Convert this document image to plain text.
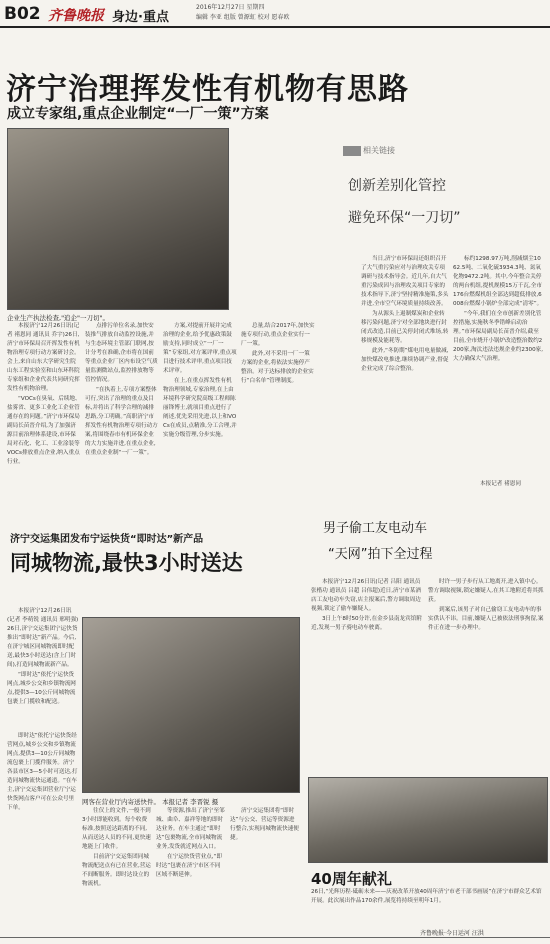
B02 齐鲁晚报 身边·重点
2016年12月27日 星期四
编辑 李亚 组版 曾源虹 校对 愿春欧
济宁治理挥发性有机物有思路
成立专家组,重点企业制定“一厂一策”方案
企业生产执法检查,"追企"一刀切"。

本报济宁12月26日讯(记者 褚恩同 通讯员 乔宇)26日,济宁市环保局召开挥发性有机物治理专项行动方案研讨会。会上,来自山东大学研究生院山东工程实验室和山东环科院专家组和企业代表共同研究挥发性有机物治理。

“VOCs在臭氧、后续地、盐雾省、更多工业化工企业管通存在的问题。”济宁市环保局副局长苗晋介绍,为了加强济源目前治理体系建设,市环保局对石化、化工、工业涂装等VOCs排放重点企业,纳入重点行业。

点排污单位名录,加快安装推气排放自动监控设施,并与生态环境主管部门联网,按计分考在准确,企市将在国前等重点企业厂区内布设空气质量监测微站点,监控排放物等管控情况。

“在执着上,专项方案整体可行,突出了治理的重点及目标,并将出了科学合理的减排思路,分工明确。”高职济宁市挥发性有机物治理专项行动方案,将围绕春市有机环保企业的大力实施并进,在重点企业,在重点企业制“一厂一策”。

方案,对提前开展并完成治理的企业,给予优惠政策鼓励支持,同时成立“一厂一策”专家组,对方案评审,重点项目进行技术评审,重点项目技术评审。

在上,在重点挥发性有机物治理领域,专家治理,在上由环境科学研究院高级工程师陈丽锋博士,就项目重点进行了阐述,优先采用先进,以上和VOCs在成员,点精准,分工合理,并实施分级管理,分步实施。

总量,结合2017年,加快实施专项行动,重点企业实行一厂一策。

此外,对不采用一厂一策方案的企业,将依法实施停产整治。对于达标排放的企业实行“白名单”管理制度。

相关链接
创新差别化管控
避免环保“一刀切”

当日,济宁市环保局还组织召开了大气重污染应对与治理攻关专项调研与技术指导会。近几年,自大气重污染成因与治理攻关项目专家的技术指导下,济宁坚持精准施策,多头并进,全市空气环境质量持续改善。

为从源头上遏制煤炭和企业转移污染问题,济宁对全部地块进行封闭式改造,目前已关停封闭式堆场,转移规模及能耗等。

此外,“冬防期”煤电用电量做减,加快煤改电推进,继续协调产业,督促企业完成了综合整治。

标约1298.97万吨,削减烟尘1062.5吨、二氧化硫3934.3吨、氮氧化物9472.2吨。其中,今年整合关停的两台机组,提机规模15万千瓦,全市176台燃煤机组全部达到超低排放,6008台燃煤小锅炉全部完成“清零”。

“今年,我们在全市创新差别化管控措施,实施秋冬季错峰启动治理。”市环保局副局长苗晋介绍,截至目前,全市烧开小锅炉改造整治数约2200家,淘汰违法违规企业约2300家,大力确保大气治理。

本报记者 褚恩同
济宁交运集团发布宁运快货“即时达”新产品
同城物流,最快3小时送达

本报济宁12月26日讯(记者 李萌锐 通讯员 邢明强)26日,济宁交运集团宁运快货推出“即时达”新产品。今后,在济宁城区同城物流即时配送,最快3小时送达(含上门时间),打造同城物流新产品。

“即时达”依托宁运快货网点,城乡公交和乡镇物流网点,提供3—10公斤同城物流包裹上门揽收和配送。

即时达”依托宁运快货经营网点,城乡公交和乡镇物流网点,提供3—10公斤同城物流包裹上门揽件服务。济宁各县市区3—5小时可送达,打造同城物流快运通道。“在车主,济宁交运集团营业厅宁运快货网点客户可在公众号里下单。

网客在营业厅内寄送快件。 本报记者 李晋锐 摄

往仅上的文件,一般不到3小时即能收到。每个收费标准,按照送达距离的不同,从而送达人员的不同,更快速地能上门收件。

目前济宁交运集团同城物流配送点有已在营业,营运不间断服务。即时达设立的物流机。

等资源,推出了济宁至邹城、曲阜、嘉祥等地的即时达业务。在车主通过“即时达”包裹物流,全市同城物流业务,发货就近网点入口。

在宁运快货营业点,“即时达”包裹在济宁市区不同区域不断延伸。

济宁交运集团将“即时达”与公交、营运等资源进行整合,实现同城物流快速便捷。

男子偷工友电动车
“天网”拍下全过程

本报济宁12月26日讯(记者 吕阳 通讯员 张楷功 通讯员 吕超 吕伟超)近日,济宁市某酒店工友电动车失窃,店主报案后,警方调取周边视频,锁定了偷车嫌疑人。

3日上午8时50分许,在金乡县南龙宾馆附近,发现一男子骑电动车驶离。

时许一男子步行从工地离开,进入镇中心。警方调取视频,锁定嫌疑人,在其工地附近将其抓获。

到案后,该男子对自己偷窃工友电动车的事实供认不讳。目前,嫌疑人已被依法刑事拘留,案件正在进一步办理中。

40周年献礼
26日,“光辉历程·砥砺未来——庆祝改革开放40周年济宁市老干部书画展”在济宁市群众艺术馆开展。此次展出作品170余件,展览将持续至明年1月。
齐鲁晚报·今日运河 汪洪
